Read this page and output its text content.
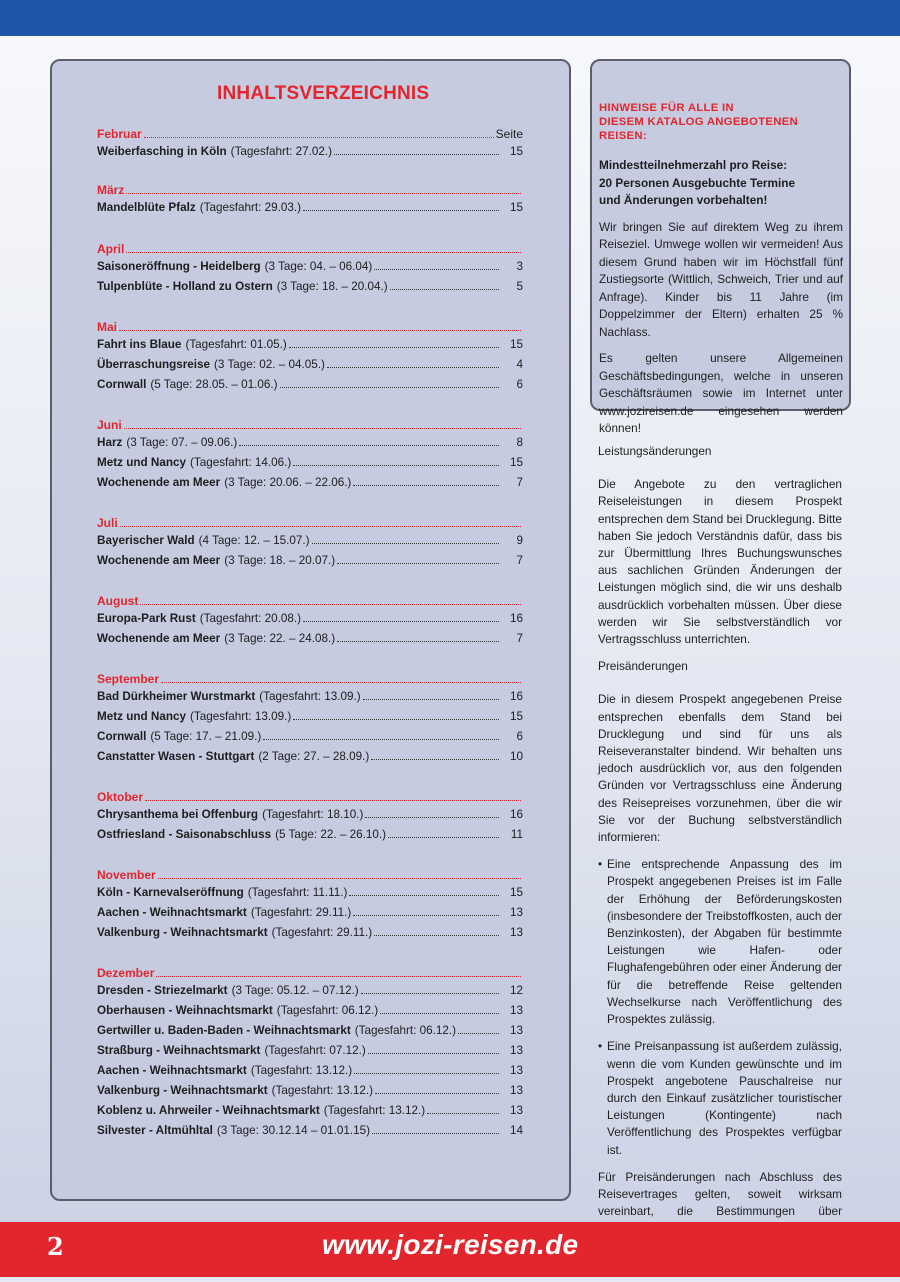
INHALTSVERZEICHNIS
Februar	Seite
Weiberfasching in Köln (Tagesfahrt: 27.02.)	15
März
Mandelblüte Pfalz (Tagesfahrt: 29.03.)	15
April
Saisoneröffnung - Heidelberg (3 Tage: 04. – 06.04)	3
Tulpenblüte - Holland zu Ostern (3 Tage: 18. – 20.04.)	5
Mai
Fahrt ins Blaue (Tagesfahrt: 01.05.)	15
Überraschungsreise (3 Tage: 02. – 04.05.)	4
Cornwall (5 Tage: 28.05. – 01.06.)	6
Juni
Harz (3 Tage: 07. – 09.06.)	8
Metz und Nancy (Tagesfahrt: 14.06.)	15
Wochenende am Meer (3 Tage: 20.06. – 22.06.)	7
Juli
Bayerischer Wald (4 Tage: 12. – 15.07.)	9
Wochenende am Meer (3 Tage: 18. – 20.07.)	7
August
Europa-Park Rust (Tagesfahrt: 20.08.)	16
Wochenende am Meer (3 Tage: 22. – 24.08.)	7
September
Bad Dürkheimer Wurstmarkt (Tagesfahrt: 13.09.)	16
Metz und Nancy (Tagesfahrt: 13.09.)	15
Cornwall (5 Tage: 17. – 21.09.)	6
Canstatter Wasen - Stuttgart (2 Tage: 27. – 28.09.)	10
Oktober
Chrysanthema bei Offenburg (Tagesfahrt: 18.10.)	16
Ostfriesland - Saisonabschluss (5 Tage: 22. – 26.10.)	11
November
Köln - Karnevalseröffnung (Tagesfahrt: 11.11.)	15
Aachen - Weihnachtsmarkt (Tagesfahrt: 29.11.)	13
Valkenburg - Weihnachtsmarkt (Tagesfahrt: 29.11.)	13
Dezember
Dresden - Striezelmarkt (3 Tage: 05.12. – 07.12.)	12
Oberhausen - Weihnachtsmarkt (Tagesfahrt: 06.12.)	13
Gertwiller u. Baden-Baden - Weihnachtsmarkt (Tagesfahrt: 06.12.)	13
Straßburg - Weihnachtsmarkt (Tagesfahrt: 07.12.)	13
Aachen - Weihnachtsmarkt (Tagesfahrt: 13.12.)	13
Valkenburg - Weihnachtsmarkt (Tagesfahrt: 13.12.)	13
Koblenz u. Ahrweiler - Weihnachtsmarkt (Tagesfahrt: 13.12.)	13
Silvester - Altmühltal (3 Tage: 30.12.14 – 01.01.15)	14

HINWEISE FÜR ALLE IN
DIESEM KATALOG ANGEBOTENEN REISEN:

Mindestteilnehmerzahl pro Reise:
20 Personen Ausgebuchte Termine
und Änderungen vorbehalten!

Wir bringen Sie auf direktem Weg zu ihrem Reiseziel. Umwege wollen wir vermeiden! Aus diesem Grund haben wir im Höchstfall fünf Zustiegsorte (Wittlich, Schweich, Trier und auf Anfrage). Kinder bis 11 Jahre (im Doppelzimmer der Eltern) erhalten 25 % Nachlass.

Es gelten unsere Allgemeinen Geschäftsbedingungen, welche in unseren Geschäftsräumen sowie im Internet unter www.jozireisen.de eingesehen werden können!

Leistungsänderungen

Die Angebote zu den vertraglichen Reiseleistungen in diesem Prospekt entsprechen dem Stand bei Drucklegung. Bitte haben Sie jedoch Verständnis dafür, dass bis zur Übermittlung Ihres Buchungswunsches aus sachlichen Gründen Änderungen der Leistungen möglich sind, die wir uns deshalb ausdrücklich vorbehalten müssen. Über diese werden wir Sie selbstverständlich vor Vertragsschluss unterrichten.

Preisänderungen

Die in diesem Prospekt angegebenen Preise entsprechen ebenfalls dem Stand bei Drucklegung und sind für uns als Reiseveranstalter bindend. Wir behalten uns jedoch ausdrücklich vor, aus den folgenden Gründen vor Vertragsschluss eine Änderung des Reisepreises vorzunehmen, über die wir Sie vor der Buchung selbstverständlich informieren:

• Eine entsprechende Anpassung des im Prospekt angegebenen Preises ist im Falle der Erhöhung der Beförderungskosten (insbesondere der Treibstoffkosten, auch der Benzinkosten), der Abgaben für bestimmte Leistungen wie Hafen- oder Flughafengebühren oder einer Änderung der für die betreffende Reise geltenden Wechselkurse nach Veröffentlichung des Prospektes zulässig.
• Eine Preisanpassung ist außerdem zulässig, wenn die vom Kunden gewünschte und im Prospekt angebotene Pauschalreise nur durch den Einkauf zusätzlicher touristischer Leistungen (Kontingente) nach Veröffentlichung des Prospektes verfügbar ist.

Für Preisänderungen nach Abschluss des Reisevertrages gelten, soweit wirksam vereinbart, die Bestimmungen über

2	www.jozi-reisen.de
